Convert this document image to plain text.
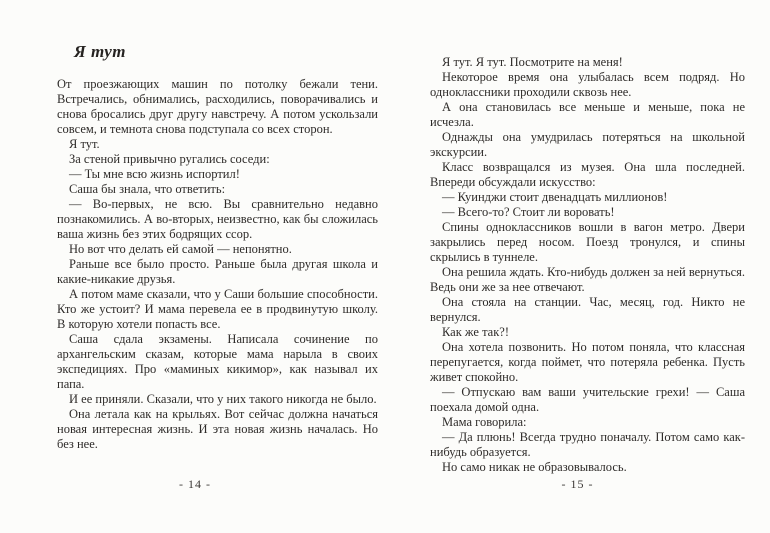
Я тут

От проезжающих машин по потолку бежали тени. Встречались, обнимались, расходились, поворачивались и снова бросались друг другу навстречу. А потом ускользали совсем, и темнота снова подступала со всех сторон.

Я тут.

За стеной привычно ругались соседи:

— Ты мне всю жизнь испортил!

Саша бы знала, что ответить:

— Во-первых, не всю. Вы сравнительно недавно познакомились. А во-вторых, неизвестно, как бы сложилась ваша жизнь без этих бодрящих ссор.

Но вот что делать ей самой — непонятно.

Раньше все было просто. Раньше была другая школа и какие-никакие друзья.

А потом маме сказали, что у Саши большие способности. Кто же устоит? И мама перевела ее в продвинутую школу. В которую хотели попасть все.

Саша сдала экзамены. Написала сочинение по архангельским сказам, которые мама нарыла в своих экспедициях. Про «маминых кикимор», как называл их папа.

И ее приняли. Сказали, что у них такого никогда не было.

Она летала как на крыльях. Вот сейчас должна начаться новая интересная жизнь. И эта новая жизнь началась. Но без нее.

- 14 -

Я тут. Я тут. Посмотрите на меня!

Некоторое время она улыбалась всем подряд. Но одноклассники проходили сквозь нее.

А она становилась все меньше и меньше, пока не исчезла.

Однажды она умудрилась потеряться на школьной экскурсии.

Класс возвращался из музея. Она шла последней. Впереди обсуждали искусство:

— Куинджи стоит двенадцать миллионов!

— Всего-то? Стоит ли воровать!

Спины одноклассников вошли в вагон метро. Двери закрылись перед носом. Поезд тронулся, и спины скрылись в туннеле.

Она решила ждать. Кто-нибудь должен за ней вернуться. Ведь они же за нее отвечают.

Она стояла на станции. Час, месяц, год. Никто не вернулся.

Как же так?!

Она хотела позвонить. Но потом поняла, что классная перепугается, когда поймет, что потеряла ребенка. Пусть живет спокойно.

— Отпускаю вам ваши учительские грехи! — Саша поехала домой одна.

Мама говорила:

— Да плюнь! Всегда трудно поначалу. Потом само как-нибудь образуется.

Но само никак не образовывалось.

- 15 -
